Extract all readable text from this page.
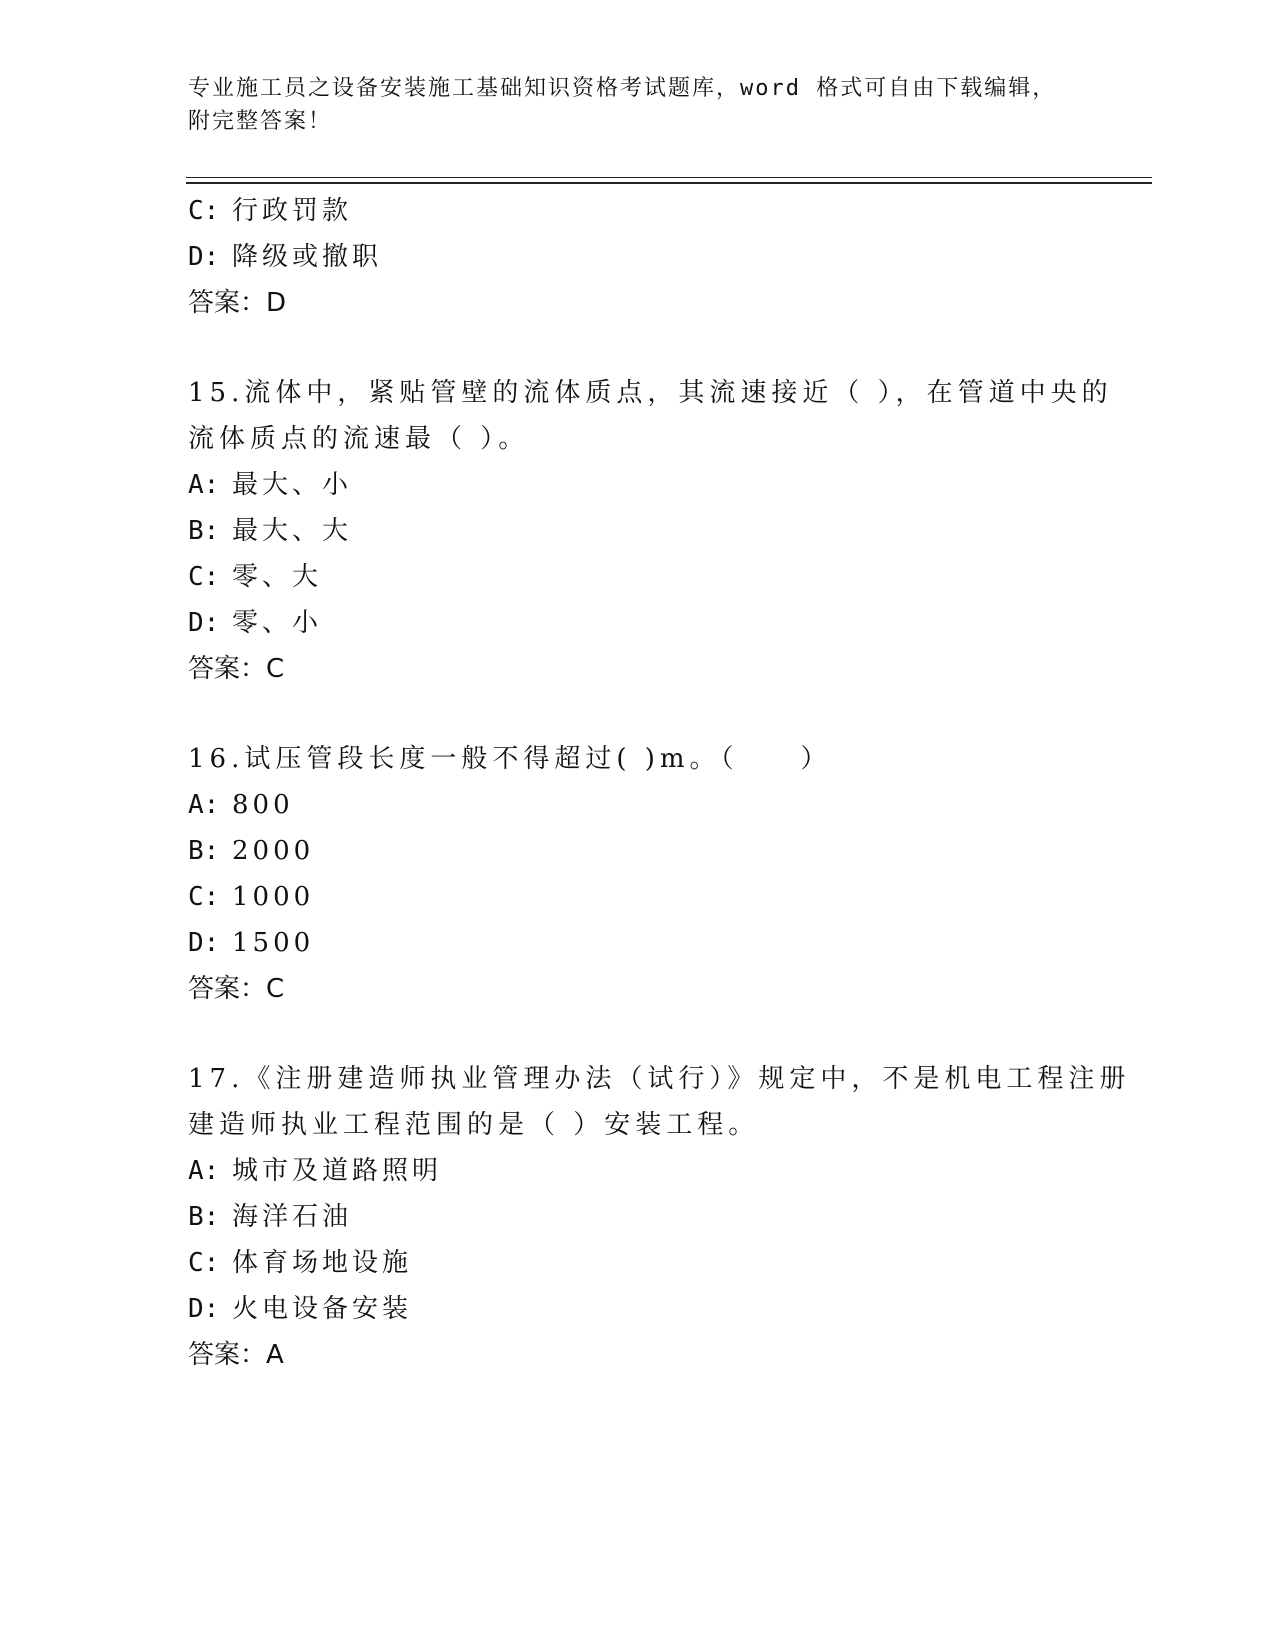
专业施工员之设备安装施工基础知识资格考试题库，word 格式可自由下载编辑，
附完整答案！
C: 行政罚款
D: 降级或撤职
答案：D
15.流体中，紧贴管壁的流体质点，其流速接近（ ），在管道中央的
流体质点的流速最（ ）。
A: 最大、小
B: 最大、大
C: 零、大
D: 零、小
答案：C
16.试压管段长度一般不得超过( )m。（　　）
A: 800
B: 2000
C: 1000
D: 1500
答案：C
17.《注册建造师执业管理办法（试行）》规定中，不是机电工程注册
建造师执业工程范围的是（ ）安装工程。
A: 城市及道路照明
B: 海洋石油
C: 体育场地设施
D: 火电设备安装
答案：A
